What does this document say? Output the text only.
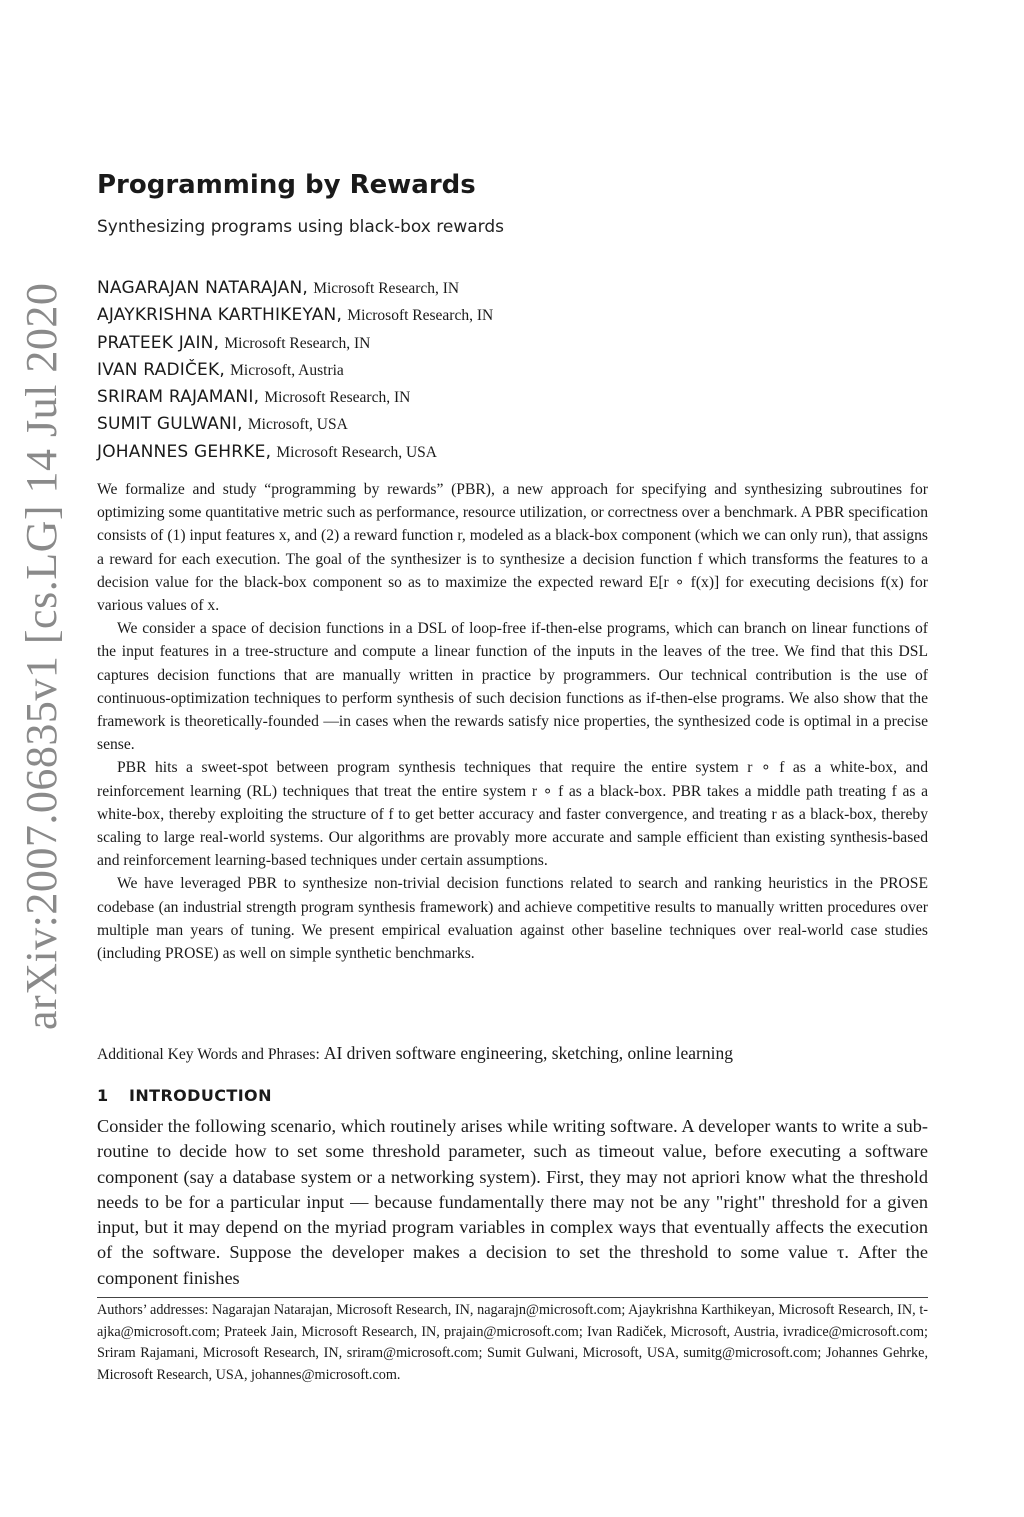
arXiv:2007.06835v1 [cs.LG] 14 Jul 2020
Programming by Rewards
Synthesizing programs using black-box rewards
NAGARAJAN NATARAJAN, Microsoft Research, IN
AJAYKRISHNA KARTHIKEYAN, Microsoft Research, IN
PRATEEK JAIN, Microsoft Research, IN
IVAN RADIČEK, Microsoft, Austria
SRIRAM RAJAMANI, Microsoft Research, IN
SUMIT GULWANI, Microsoft, USA
JOHANNES GEHRKE, Microsoft Research, USA

We formalize and study “programming by rewards” (PBR), a new approach for specifying and synthesizing subroutines for optimizing some quantitative metric such as performance, resource utilization, or correctness over a benchmark. A PBR specification consists of (1) input features x, and (2) a reward function r, modeled as a black-box component (which we can only run), that assigns a reward for each execution. The goal of the synthesizer is to synthesize a decision function f which transforms the features to a decision value for the black-box component so as to maximize the expected reward E[r ∘ f(x)] for executing decisions f(x) for various values of x.

We consider a space of decision functions in a DSL of loop-free if-then-else programs, which can branch on linear functions of the input features in a tree-structure and compute a linear function of the inputs in the leaves of the tree. We find that this DSL captures decision functions that are manually written in practice by programmers. Our technical contribution is the use of continuous-optimization techniques to perform synthesis of such decision functions as if-then-else programs. We also show that the framework is theoretically-founded —in cases when the rewards satisfy nice properties, the synthesized code is optimal in a precise sense.

PBR hits a sweet-spot between program synthesis techniques that require the entire system r ∘ f as a white-box, and reinforcement learning (RL) techniques that treat the entire system r ∘ f as a black-box. PBR takes a middle path treating f as a white-box, thereby exploiting the structure of f to get better accuracy and faster convergence, and treating r as a black-box, thereby scaling to large real-world systems. Our algorithms are provably more accurate and sample efficient than existing synthesis-based and reinforcement learning-based techniques under certain assumptions.

We have leveraged PBR to synthesize non-trivial decision functions related to search and ranking heuristics in the PROSE codebase (an industrial strength program synthesis framework) and achieve competitive results to manually written procedures over multiple man years of tuning. We present empirical evaluation against other baseline techniques over real-world case studies (including PROSE) as well on simple synthetic benchmarks.

Additional Key Words and Phrases: AI driven software engineering, sketching, online learning
1 INTRODUCTION

Consider the following scenario, which routinely arises while writing software. A developer wants to write a sub-routine to decide how to set some threshold parameter, such as timeout value, before executing a software component (say a database system or a networking system). First, they may not apriori know what the threshold needs to be for a particular input — because fundamentally there may not be any "right" threshold for a given input, but it may depend on the myriad program variables in complex ways that eventually affects the execution of the software. Suppose the developer makes a decision to set the threshold to some value τ. After the component finishes

Authors’ addresses: Nagarajan Natarajan, Microsoft Research, IN, nagarajn@microsoft.com; Ajaykrishna Karthikeyan, Microsoft Research, IN, t-ajka@microsoft.com; Prateek Jain, Microsoft Research, IN, prajain@microsoft.com; Ivan Radiček, Microsoft, Austria, ivradice@microsoft.com; Sriram Rajamani, Microsoft Research, IN, sriram@microsoft.com; Sumit Gulwani, Microsoft, USA, sumitg@microsoft.com; Johannes Gehrke, Microsoft Research, USA, johannes@microsoft.com.
